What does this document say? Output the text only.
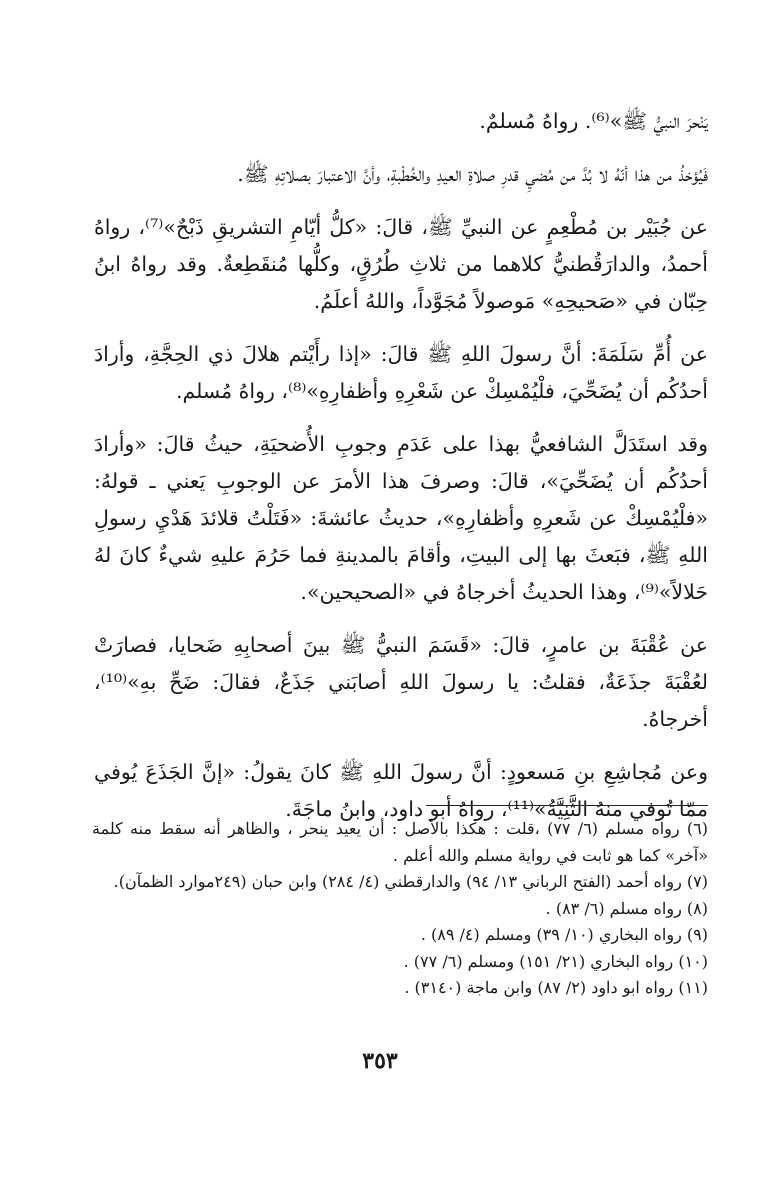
يَنْحرَ النبيُّ ﷺ»⁽⁶⁾. رواهُ مُسلمٌ.

فَيُؤخذُ من هذا أنّهُ لا بُدَّ من مُضيِ قدرِ صلاةِ العيدِ والخُطْبةِ، وأنَّ الاعتبارَ بصلاتِهِ ﷺ.

عن جُبَيْر بن مُطْعِمٍ عن النبيِّ ﷺ، قالَ: «كلُّ أيّامِ التشريقِ ذَبْحٌ»⁽⁷⁾، رواهُ أحمدُ، والدارَقُطنيُّ كلاهما من ثلاثِ طُرُقٍ، وكلُّها مُنقَطِعةٌ. وقد رواهُ ابنُ حِبّان في «صَحيحِهِ» مَوصولاً مُجَوَّداً، واللهُ أعلَمُ.

عن أُمِّ سَلَمَةَ: أنَّ رسولَ اللهِ ﷺ قالَ: «إذا رأَيْتم هلالَ ذي الحِجَّةِ، وأرادَ أحدُكُم أن يُضَحِّيَ، فلْيُمْسِكْ عن شَعْرِهِ وأظفارِهِ»⁽⁸⁾، رواهُ مُسلم.

وقد استَدَلَّ الشافعيُّ بهذا على عَدَمِ وجوبِ الأُضحيَةِ، حيثُ قالَ: «وأرادَ أحدُكُم أن يُضَحِّيَ»، قالَ: وصرفَ هذا الأمرَ عن الوجوبِ يَعني ـ قولهُ: «فلْيُمْسِكْ عن شَعرِهِ وأظفارِهِ»، حديثُ عائشةَ: «فَتَلْتُ قلائدَ هَدْيِ رسولِ اللهِ ﷺ، فبَعثَ بها إلى البيتِ، وأقامَ بالمدينةِ فما حَرُمَ عليهِ شيءٌ كانَ لهُ حَلالاً»⁽⁹⁾، وهذا الحديثُ أخرجاهُ في «الصحيحين».

عن عُقْبَةَ بن عامرٍ، قالَ: «قَسَمَ النبيُّ ﷺ بينَ أصحابِهِ ضَحايا، فصارَتْ لعُقْبَةَ جذَعَةٌ، فقلتُ: يا رسولَ اللهِ أصابَني جَذَعٌ، فقالَ: ضَحِّ بهِ»⁽¹⁰⁾، أخرجاهُ.

وعن مُجاشِعِ بنِ مَسعودٍ: أنَّ رسولَ اللهِ ﷺ كانَ يقولُ: «إنَّ الجَذَعَ يُوفي ممّا تُوفي منهُ الثَّنِيَّةُ»⁽¹¹⁾، رواهُ أبو داود، وابنُ ماجَةَ.

(٦) رواه مسلم (٦/ ٧٧) ،قلت : هكذا بالأصل : أن يعيد ينحر ، والظاهر أنه سقط منه كلمة «آخر» كما هو ثابت في رواية مسلم والله أعلم .

(٧) رواه أحمد (الفتح الرباني ١٣/ ٩٤) والدارقطني (٤/ ٢٨٤) وابن حبان (٢٤٩موارد الظمآن).

(٨) رواه مسلم (٦/ ٨٣) .

(٩) رواه البخاري (١٠/ ٣٩) ومسلم (٤/ ٨٩) .

(١٠) رواه البخاري (٢١/ ١٥١) ومسلم (٦/ ٧٧) .

(١١) رواه ابو داود (٢/ ٨٧) وابن ماجة (٣١٤٠) .

٣٥٣
